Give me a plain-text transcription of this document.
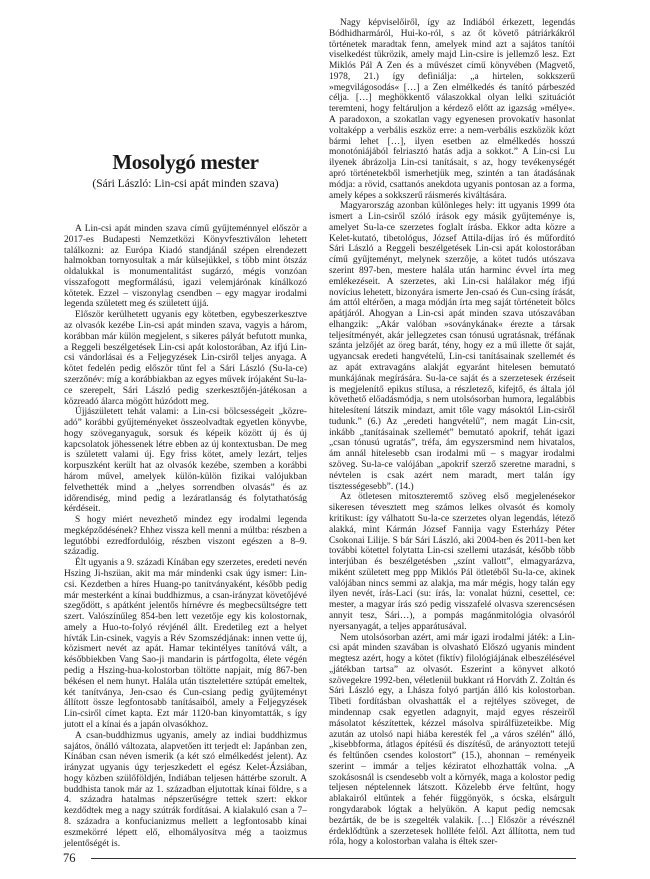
Mosolygó mester
(Sári László: Lin-csi apát minden szava)

A Lin-csi apát minden szava című gyűjteménnyel először a 2017-es Budapesti Nemzetközi Könyvfesztiválon lehetett találkozni: az Európa Kiadó standjánál szépen elrendezett halmokban tornyosultak a már külsejükkel, s több mint ötszáz oldalukkal is monumentalitást sugárzó, mégis vonzóan visszafogott megformálású, igazi velemjárónak kínálkozó kötetek. Ezzel – viszonylag csendben – egy magyar irodalmi legenda született meg és született újjá.

Először kerülhetett ugyanis egy kötetben, egybeszerkesztve az olvasók kezébe Lin-csi apát minden szava, vagyis a három, korábban már külön megjelent, s sikeres pályát befutott munka, a Reggeli beszélgetések Lin-csi apát kolostorában, Az ifjú Lin-csi vándorlásai és a Feljegyzések Lin-csiről teljes anyaga. A kötet fedelén pedig először tűnt fel a Sári László (Su-la-ce) szerzőnév: míg a korábbiakban az egyes művek írójaként Su-la-ce szerepelt, Sári László pedig szerkesztőjén-játékosan a közreadó álarca mögött húzódott meg.

Újjászületett tehát valami: a Lin-csi bölcsességeit „közre-adó” korábbi gyűjteményeket összeolvadtak egyetlen könyvbe, hogy szöveganyaguk, sorsuk és képeik között új és új kapcsolatok jöhessenek létre ebben az új kontextusban. De meg is született valami új. Egy friss kötet, amely lezárt, teljes korpuszként került hat az olvasók kezébe, szemben a korábbi három művel, amelyek külön-külön fizikai valójukban felvethették mind a „helyes sorrendben olvasás” és az időrendiség, mind pedig a lezáratlanság és folytathatóság kérdéseit.

S hogy miért nevezhető mindez egy irodalmi legenda megképződésének? Ehhez vissza kell menni a múltba: részben a legutóbbi ezredfordulóig, részben viszont egészen a 8–9. századig.

Élt ugyanis a 9. századi Kínában egy szerzetes, eredeti nevén Hszing Ji-hszüan, akit ma már mindenki csak úgy ismer: Lin-csi. Kezdetben a híres Huang-po tanítványaként, később pedig már mesterként a kínai buddhizmus, a csan-irányzat követőjévé szegődött, s apátként jelentős hírnévre és megbecsültségre tett szert. Valószínűleg 854-ben lett vezetője egy kis kolostornak, amely a Huo-to-folyó révjénél állt. Eredetileg ezt a helyet hívták Lin-csinek, vagyis a Rév Szomszédjának: innen vette új, közismert nevét az apát. Hamar tekintélyes tanítóvá vált, a későbbiekben Vang Sao-ji mandarin is pártfogolta, élete végén pedig a Hszing-hua-kolostorban töltötte napjait, míg 867-ben békésen el nem hunyt. Halála után tisztelettére sztúpát emeltek, két tanítványa, Jen-csao és Cun-csiang pedig gyűjteményt állított össze legfontosabb tanításaiból, amely a Feljegyzések Lin-csiről címet kapta. Ezt már 1120-ban kinyomtatták, s így jutott el a kínai és a japán olvasókhoz.

A csan-buddhizmus ugyanis, amely az indiai buddhizmus sajátos, önálló változata, alapvetően itt terjedt el: Japánban zen, Kínában csan néven ismerik (a két szó elmélkedést jelent). Az irányzat ugyanis úgy terjeszkedett el egész Kelet-Ázsiában, hogy közben szülőföldjén, Indiában teljesen háttérbe szorult. A buddhista tanok már az 1. században eljutottak kínai földre, s a 4. századra hatalmas népszerűségre tettek szert: ekkor kezdődtek meg a nagy szútrák fordításai. A kialakuló csan a 7–8. századra a konfucianizmus mellett a legfontosabb kínai eszmekörré lépett elő, elhomályosítva még a taoizmus jelentőségét is.

Nagy képviselőiről, így az Indiából érkezett, legendás Bódhidharmáról, Hui-ko-ról, s az őt követő pátriárkákról történetek maradtak fenn, amelyek mind azt a sajátos tanítói viselkedést tükrözik, amely majd Lin-csire is jellemző lesz. Ezt Miklós Pál A Zen és a művészet című könyvében (Magvető, 1978, 21.) így definiálja: „a hirtelen, sokkszerű »megvilágosodás« […] a Zen elmélkedés és tanító párbeszéd célja. […] meghökkentő válaszokkal olyan lelki szituációt teremteni, hogy feltáruljon a kérdező előtt az igazság »mélye«. A paradoxon, a szokatlan vagy egyenesen provokatív hasonlat voltaképp a verbális eszköz erre: a nem-verbális eszközök közt bármi lehet […], ilyen esetben az elmélkedés hosszú monotóniájából felriasztó hatás adja a sokkot.” A Lin-csi Lu ilyenek ábrázolja Lin-csi tanításait, s az, hogy tevékenységét apró történetekből ismerhetjük meg, szintén a tan átadásának módja: a rövid, csattanós anekdota ugyanis pontosan az a forma, amely képes a sokkszerű ráismerés kiváltására.

Magyarország azonban különleges hely: itt ugyanis 1999 óta ismert a Lin-csiről szóló írások egy másik gyűjteménye is, amelyet Su-la-ce szerzetes foglalt írásba. Ekkor adta közre a Kelet-kutató, tibetológus, József Attila-díjas író és műfordító Sári László a Reggeli beszélgetések Lin-csi apát kolostorában című gyűjteményt, melynek szerzője, a kötet tudós utószava szerint 897-ben, mestere halála után harminc évvel írta meg emlékezéseit. A szerzetes, aki Lin-csi halálakor még ifjú novícius lehetett, bizonyára ismerte Jen-csaó és Cun-csing írását, ám attól eltérően, a maga módján írta meg saját történeteit bölcs apátjáról. Ahogyan a Lin-csi apát minden szava utószavában elhangzik: „Akár valóban »soványkának« érezte a társak teljesítményét, akár jellegzetes csan tónusú ugratásnak, tréfának szánta jelzőjét az öreg barát, tény, hogy ez a mű illette őt saját, ugyancsak eredeti hangvételű, Lin-csi tanításainak szellemét és az apát extravagáns alakját egyaránt hitelesen bemutató munkájának megírására. Su-la-ce saját és a szerzetesek érzéseit is megjelenítő epikus stílusa, a részletező, kifejtő, és általa jól követhető előadásmódja, s nem utolsósorban humora, legalábbis hitelesítení látszik mindazt, amit tőle vagy másoktól Lin-csiről tudunk.” (6.) Az „eredeti hangvételű”, nem magát Lin-csit, inkább „tanításainak szellemét” bemutató apokrif, tehát igazi „csan tónusú ugratás”, tréfa, ám egyszersmind nem hivatalos, ám annál hitelesebb csan irodalmi mű – s magyar irodalmi szöveg. Su-la-ce valójában „apokrif szerző szeretne maradni, s névtelen is csak azért nem maradt, mert talán így tisztességesebb”. (14.)

Az ötletesen mitoszteremtő szöveg első megjelenésekor sikeresen tévesztett meg számos lelkes olvasót és komoly kritikust: így válhatott Su-la-ce szerzetes olyan legendás, létező alakká, mint Kármán József Fannija vagy Esterházy Péter Csokonai Lilije. S bár Sári László, aki 2004-ben és 2011-ben ket további kötettel folytatta Lin-csi szellemi utazását, később több interjúban és beszélgetésben „színt vallott”, elmagyarázva, miként született meg ppp Miklós Pál ötletéből Su-la-ce, akinek valójában nincs semmi az alakja, ma már mégis, hogy talán egy ilyen nevét, írás-Laci (su: írás, la: vonalat húzni, cesettel, ce: mester, a magyar írás szó pedig visszafelé olvasva szerencsésen annyit tesz, Sári…), a pompás magánmitológia olvasóról nyersanyagát, a teljes apparátusával.

Nem utolsósorban azért, ami már igazi irodalmi játék: a Lin-csi apát minden szavában is olvasható Előszó ugyanis mindent megtesz azért, hogy a kötet (fiktív) filológiájának elbeszélésével „játékban tartsa” az olvasót. Eszerint a könyvet alkotó szövegekre 1992-ben, véletlenül bukkant rá Horváth Z. Zoltán és Sári László egy, a Lhásza folyó partján álló kis kolostorban. Tibeti fordításban olvashatták el a rejtélyes szöveget, de mindennap csak egyetlen adagnyit, majd egyes részeiről másolatot készítettek, kézzel másolva spirálfüzeteikbe. Míg azután az utolsó napi hiába keresték fel „a város szélén” álló, „kisebbforma, átlagos építésű és díszítésű, de arányoztott tetejű és feltűnően csendes kolostort” (15.), ahonnan – reményeik szerint – immár a teljes kéziratot elhozhatták volna. „A szokásosnál is csendesebb volt a környék, maga a kolostor pedig teljesen néptelennek látszott. Közelebb érve feltűnt, hogy ablakairól eltűntek a fehér függönyök, s ócska, elsárgult rongydarabok lógtak a helyükön. A kaput pedig nemcsak bezárták, de be is szegelték valakik. […] Először a révésznél érdeklődtünk a szerzetesek hollléte felől. Azt állította, nem tud róla, hogy a kolostorban valaha is éltek szer-

76
